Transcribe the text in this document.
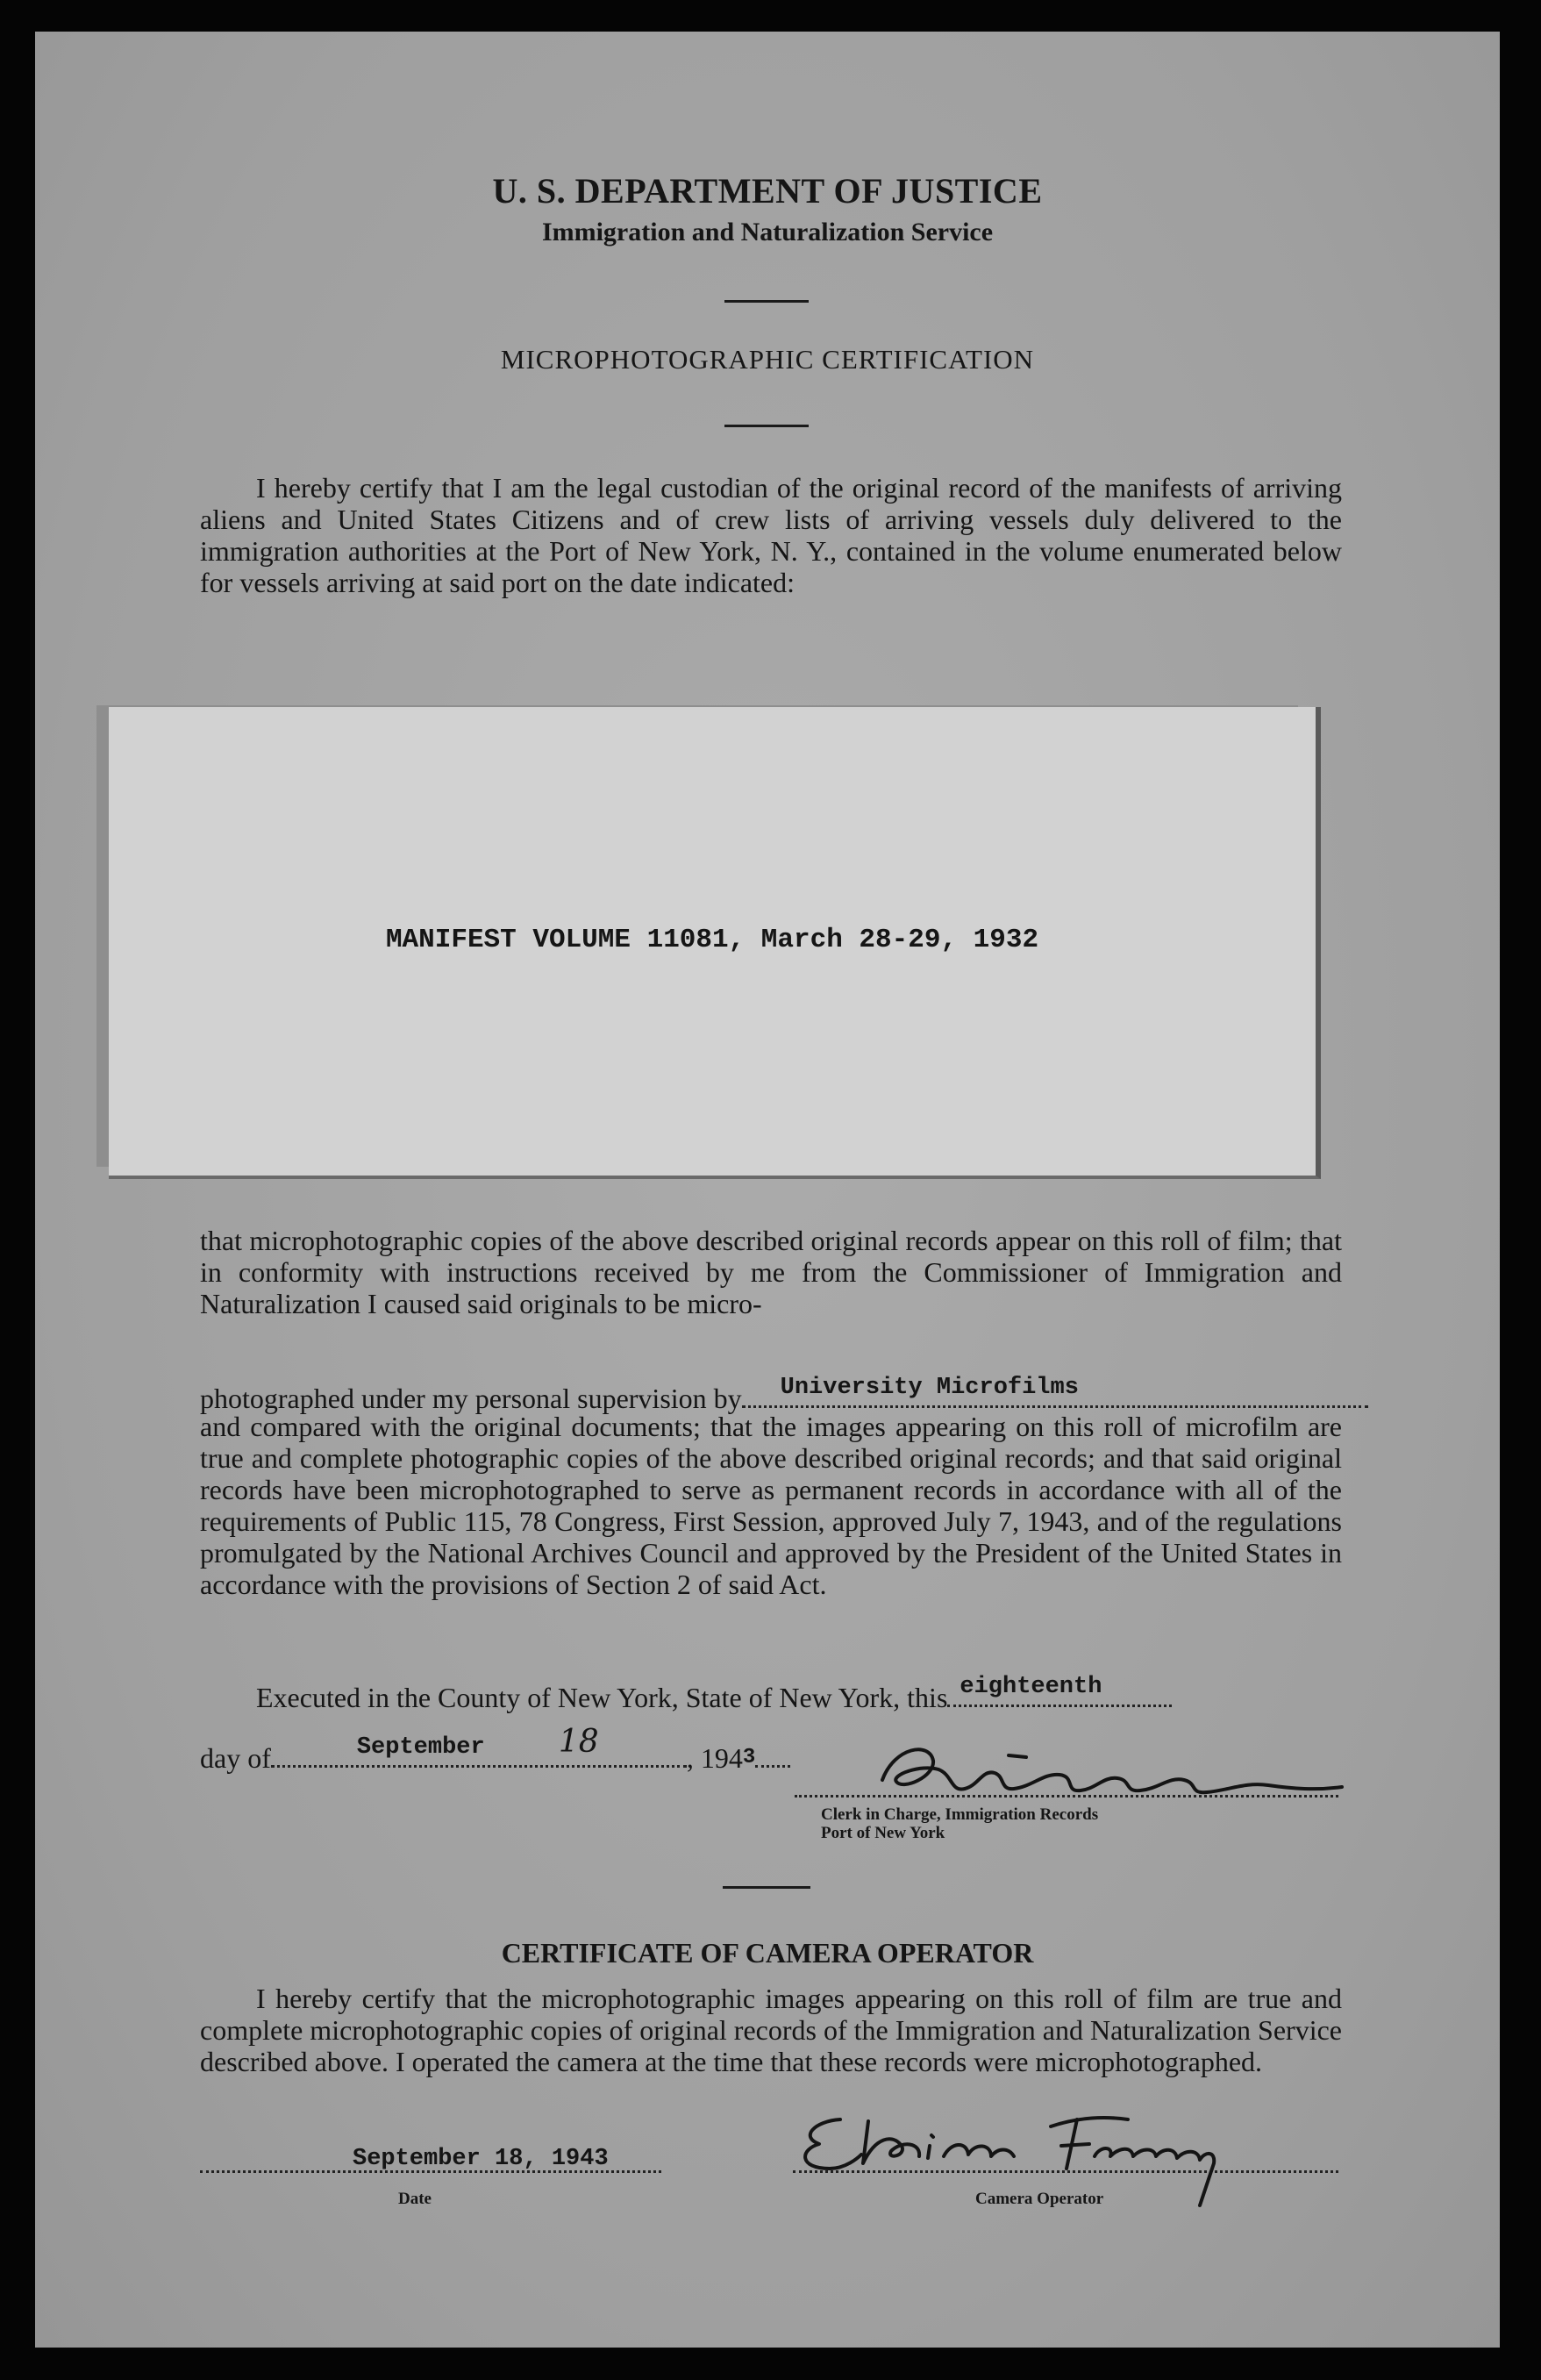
U. S. DEPARTMENT OF JUSTICE
Immigration and Naturalization Service
MICROPHOTOGRAPHIC CERTIFICATION
I hereby certify that I am the legal custodian of the original record of the manifests of arriving aliens and United States Citizens and of crew lists of arriving vessels duly delivered to the immigration authorities at the Port of New York, N. Y., contained in the volume enumerated below for vessels arriving at said port on the date indicated:
MANIFEST VOLUME 11081, March 28-29, 1932
that microphotographic copies of the above described original records appear on this roll of film; that in conformity with instructions received by me from the Commissioner of Immigration and Naturalization I caused said originals to be micro-
photographed under my personal supervision by University Microfilms
and compared with the original documents; that the images appearing on this roll of microfilm are true and complete photographic copies of the above described original records; and that said original records have been microphotographed to serve as permanent records in accordance with all of the requirements of Public 115, 78 Congress, First Session, approved July 7, 1943, and of the regulations promulgated by the National Archives Council and approved by the President of the United States in accordance with the provisions of Section 2 of said Act.
Executed in the County of New York, State of New York, this eighteenth
day of	September 18	, 1943
Clerk in Charge, Immigration Records
Port of New York
CERTIFICATE OF CAMERA OPERATOR
I hereby certify that the microphotographic images appearing on this roll of film are true and complete microphotographic copies of original records of the Immigration and Naturalization Service described above. I operated the camera at the time that these records were microphotographed.
September 18, 1943
Date	Camera Operator
